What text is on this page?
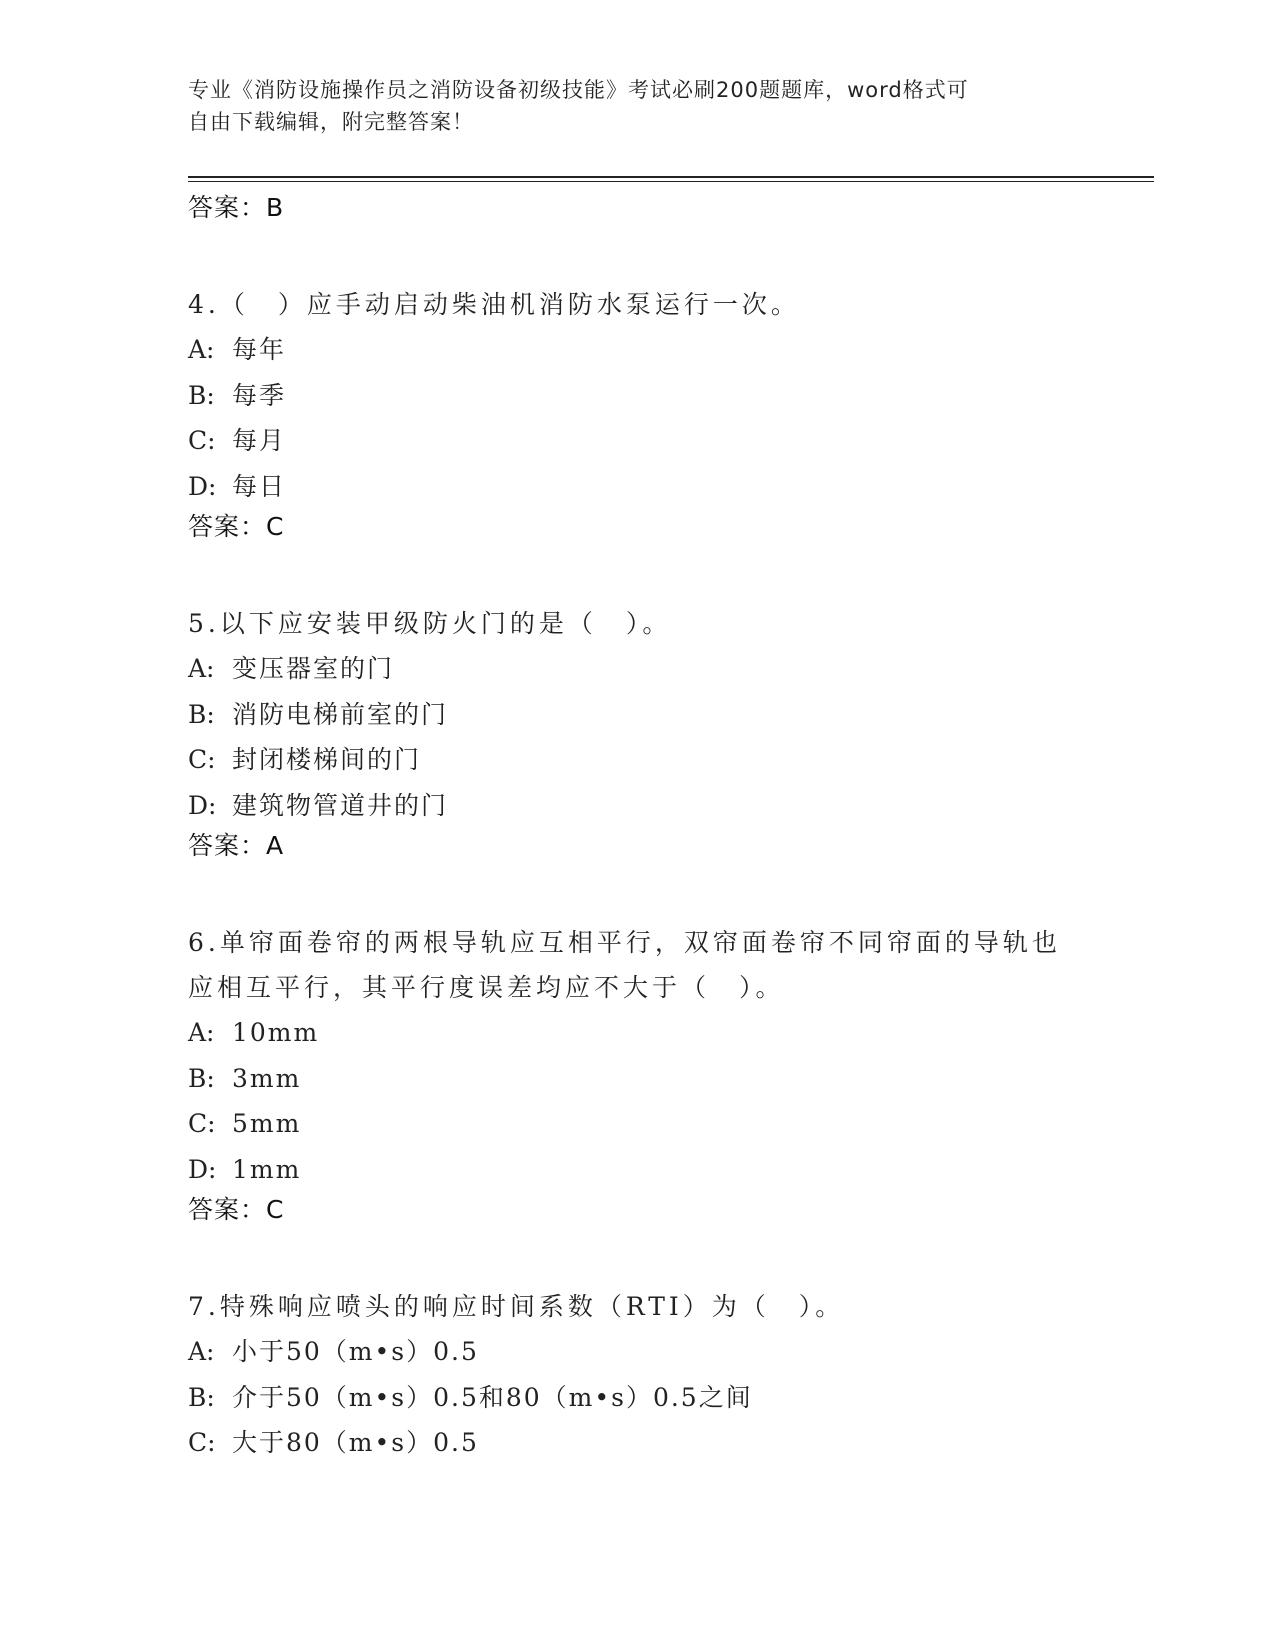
专业《消防设施操作员之消防设备初级技能》考试必刷200题题库，word格式可
自由下载编辑，附完整答案！
答案：B
4.（　）应手动启动柴油机消防水泵运行一次。
A: 每年
B: 每季
C: 每月
D: 每日
答案：C
5.以下应安装甲级防火门的是（　）。
A: 变压器室的门
B: 消防电梯前室的门
C: 封闭楼梯间的门
D: 建筑物管道井的门
答案：A
6.单帘面卷帘的两根导轨应互相平行，双帘面卷帘不同帘面的导轨也应相互平行，其平行度误差均应不大于（　）。
A: 10mm
B: 3mm
C: 5mm
D: 1mm
答案：C
7.特殊响应喷头的响应时间系数（RTI）为（　）。
A: 小于50（m•s）0.5
B: 介于50（m•s）0.5和80（m•s）0.5之间
C: 大于80（m•s）0.5
